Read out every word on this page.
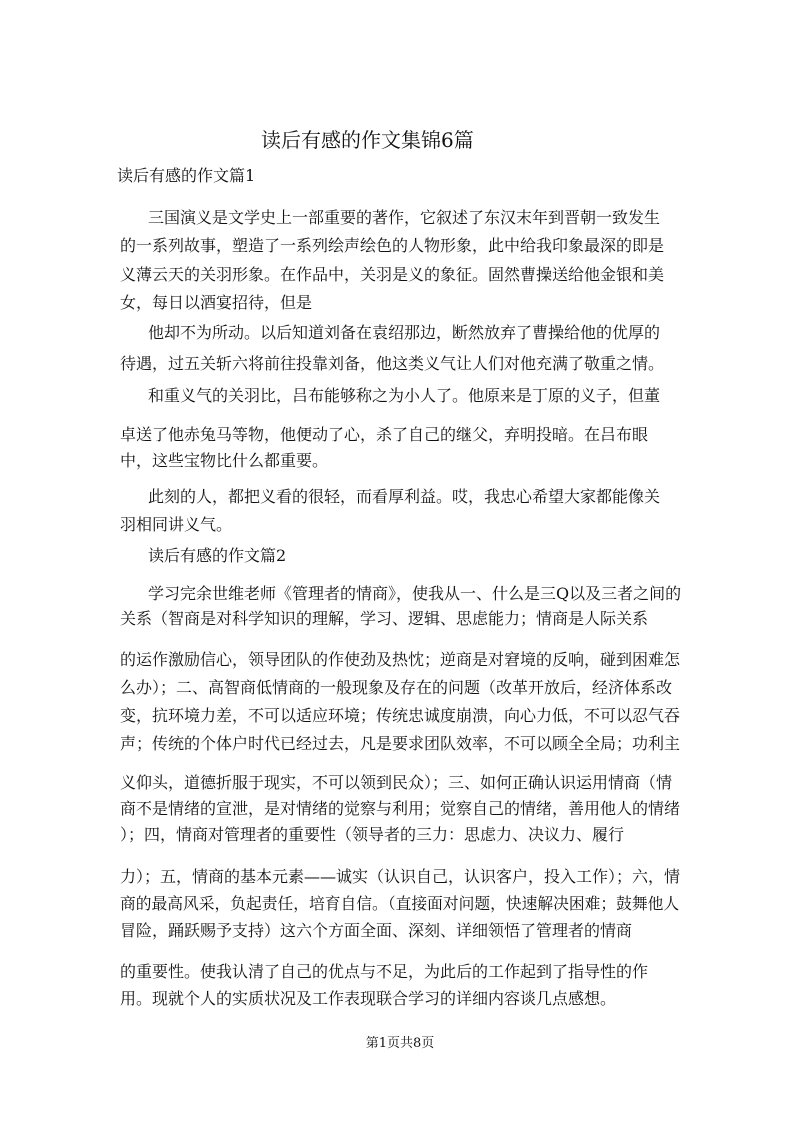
读后有感的作文集锦6篇
读后有感的作文篇1
三国演义是文学史上一部重要的著作，它叙述了东汉末年到晋朝一致发生
的一系列故事，塑造了一系列绘声绘色的人物形象，此中给我印象最深的即是
义薄云天的关羽形象。在作品中，关羽是义的象征。固然曹操送给他金银和美
女，每日以酒宴招待，但是
他却不为所动。以后知道刘备在袁绍那边，断然放弃了曹操给他的优厚的
待遇，过五关斩六将前往投靠刘备，他这类义气让人们对他充满了敬重之情。
和重义气的关羽比，吕布能够称之为小人了。他原来是丁原的义子，但董
卓送了他赤兔马等物，他便动了心，杀了自己的继父，弃明投暗。在吕布眼
中，这些宝物比什么都重要。
此刻的人，都把义看的很轻，而看厚利益。哎，我忠心希望大家都能像关
羽相同讲义气。
读后有感的作文篇2
学习完余世维老师《管理者的情商》，使我从一、什么是三Q以及三者之间的
关系（智商是对科学知识的理解，学习、逻辑、思虑能力；情商是人际关系
的运作激励信心，领导团队的作使劲及热忱；逆商是对窘境的反响，碰到困难怎
么办）；二、高智商低情商的一般现象及存在的问题（改革开放后，经济体系改
变，抗环境力差，不可以适应环境；传统忠诚度崩溃，向心力低，不可以忍气吞
声；传统的个体户时代已经过去，凡是要求团队效率，不可以顾全全局；功利主
义仰头，道德折服于现实，不可以领到民众）；三、如何正确认识运用情商（情
商不是情绪的宣泄，是对情绪的觉察与利用；觉察自己的情绪，善用他人的情绪
）；四，情商对管理者的重要性（领导者的三力：思虑力、决议力、履行
力）；五，情商的基本元素——诚实（认识自己，认识客户，投入工作）；六，情
商的最高风采，负起责任，培育自信。（直接面对问题，快速解决困难；鼓舞他人
冒险，踊跃赐予支持）这六个方面全面、深刻、详细领悟了管理者的情商
的重要性。使我认清了自己的优点与不足，为此后的工作起到了指导性的作
用。现就个人的实质状况及工作表现联合学习的详细内容谈几点感想。
第1页共8页
